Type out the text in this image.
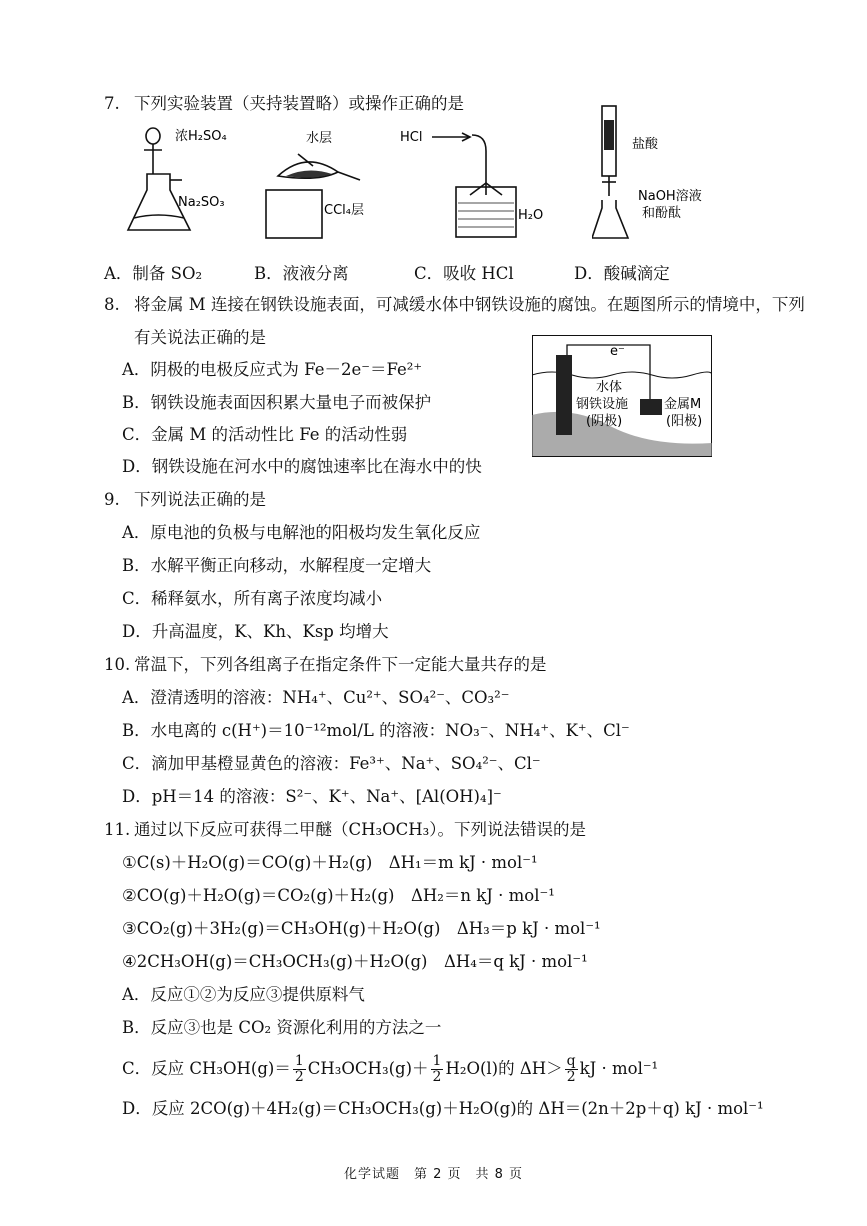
7. 下列实验装置（夹持装置略）或操作正确的是
浓H₂SO₄
Na₂SO₃
水层
CCl₄层
HCl
H₂O
盐酸
NaOH溶液
和酚酞
A．制备 SO₂	B．液液分离	C．吸收 HCl	D．酸碱滴定
8. 将金属 M 连接在钢铁设施表面，可减缓水体中钢铁设施的腐蚀。在题图所示的情境中，下列
有关说法正确的是
A．阴极的电极反应式为 Fe－2e⁻＝Fe²⁺
B．钢铁设施表面因积累大量电子而被保护
C．金属 M 的活动性比 Fe 的活动性弱
D．钢铁设施在河水中的腐蚀速率比在海水中的快
e⁻
水体
钢铁设施
(阴极)
金属M
(阳极)
9. 下列说法正确的是
A．原电池的负极与电解池的阳极均发生氧化反应
B．水解平衡正向移动，水解程度一定增大
C．稀释氨水，所有离子浓度均减小
D．升高温度，K、Kh、Ksp 均增大
10. 常温下，下列各组离子在指定条件下一定能大量共存的是
A．澄清透明的溶液：NH₄⁺、Cu²⁺、SO₄²⁻、CO₃²⁻
B．水电离的 c(H⁺)＝10⁻¹²mol/L 的溶液：NO₃⁻、NH₄⁺、K⁺、Cl⁻
C．滴加甲基橙显黄色的溶液：Fe³⁺、Na⁺、SO₄²⁻、Cl⁻
D．pH＝14 的溶液：S²⁻、K⁺、Na⁺、[Al(OH)₄]⁻
11. 通过以下反应可获得二甲醚（CH₃OCH₃）。下列说法错误的是
①C(s)＋H₂O(g)＝CO(g)＋H₂(g)　ΔH₁＝m kJ · mol⁻¹
②CO(g)＋H₂O(g)＝CO₂(g)＋H₂(g)　ΔH₂＝n kJ · mol⁻¹
③CO₂(g)＋3H₂(g)＝CH₃OH(g)＋H₂O(g)　ΔH₃＝p kJ · mol⁻¹
④2CH₃OH(g)＝CH₃OCH₃(g)＋H₂O(g)　ΔH₄＝q kJ · mol⁻¹
A．反应①②为反应③提供原料气
B．反应③也是 CO₂ 资源化利用的方法之一
C．反应 $CH_3OH(g)= \frac{1}{2} CH_3OCH_3(g)+ \frac{1}{2} H_2O(l)$的 $\Delta H> \frac{q}{2}$ kJ · mol⁻¹
D．反应 2CO(g)＋4H₂(g)＝CH₃OCH₃(g)＋H₂O(g)的 ΔH＝(2n＋2p＋q) kJ · mol⁻¹
化学试题　第 2 页　共 8 页
